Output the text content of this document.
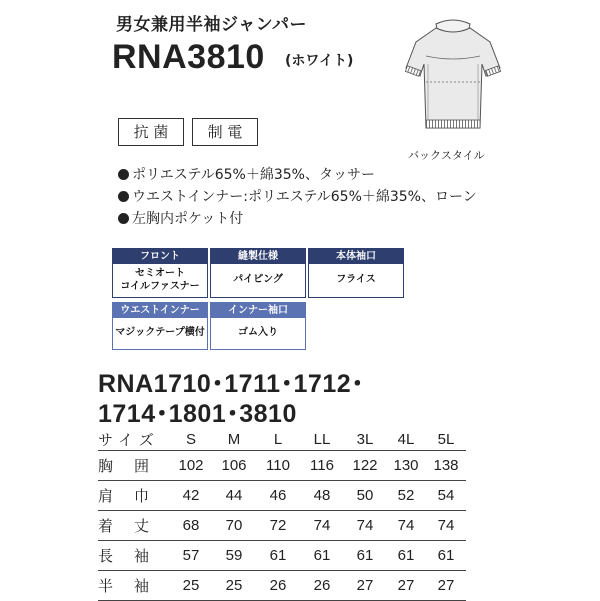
男女兼用半袖ジャンパー
RNA3810 (ホワイト)
バックスタイル
抗 菌	制 電
ポリエステル65%＋綿35%、タッサー
ウエストインナー:ポリエステル65%＋綿35%、ローン
左胸内ポケット付
フロント
セミオート
コイルファスナー
縫製仕様
パイピング
本体袖口
フライス
ウエストインナー
マジックテープ横付
インナー袖口
ゴム入り
RNA1710･1711･1712･
1714･1801･3810
サイズ	S	M	L	LL	3L	4L	5L
胸 囲	102	106	110	116	122	130	138
肩 巾	42	44	46	48	50	52	54
着 丈	68	70	72	74	74	74	74
長 袖	57	59	61	61	61	61	61
半 袖	25	25	26	26	27	27	27
